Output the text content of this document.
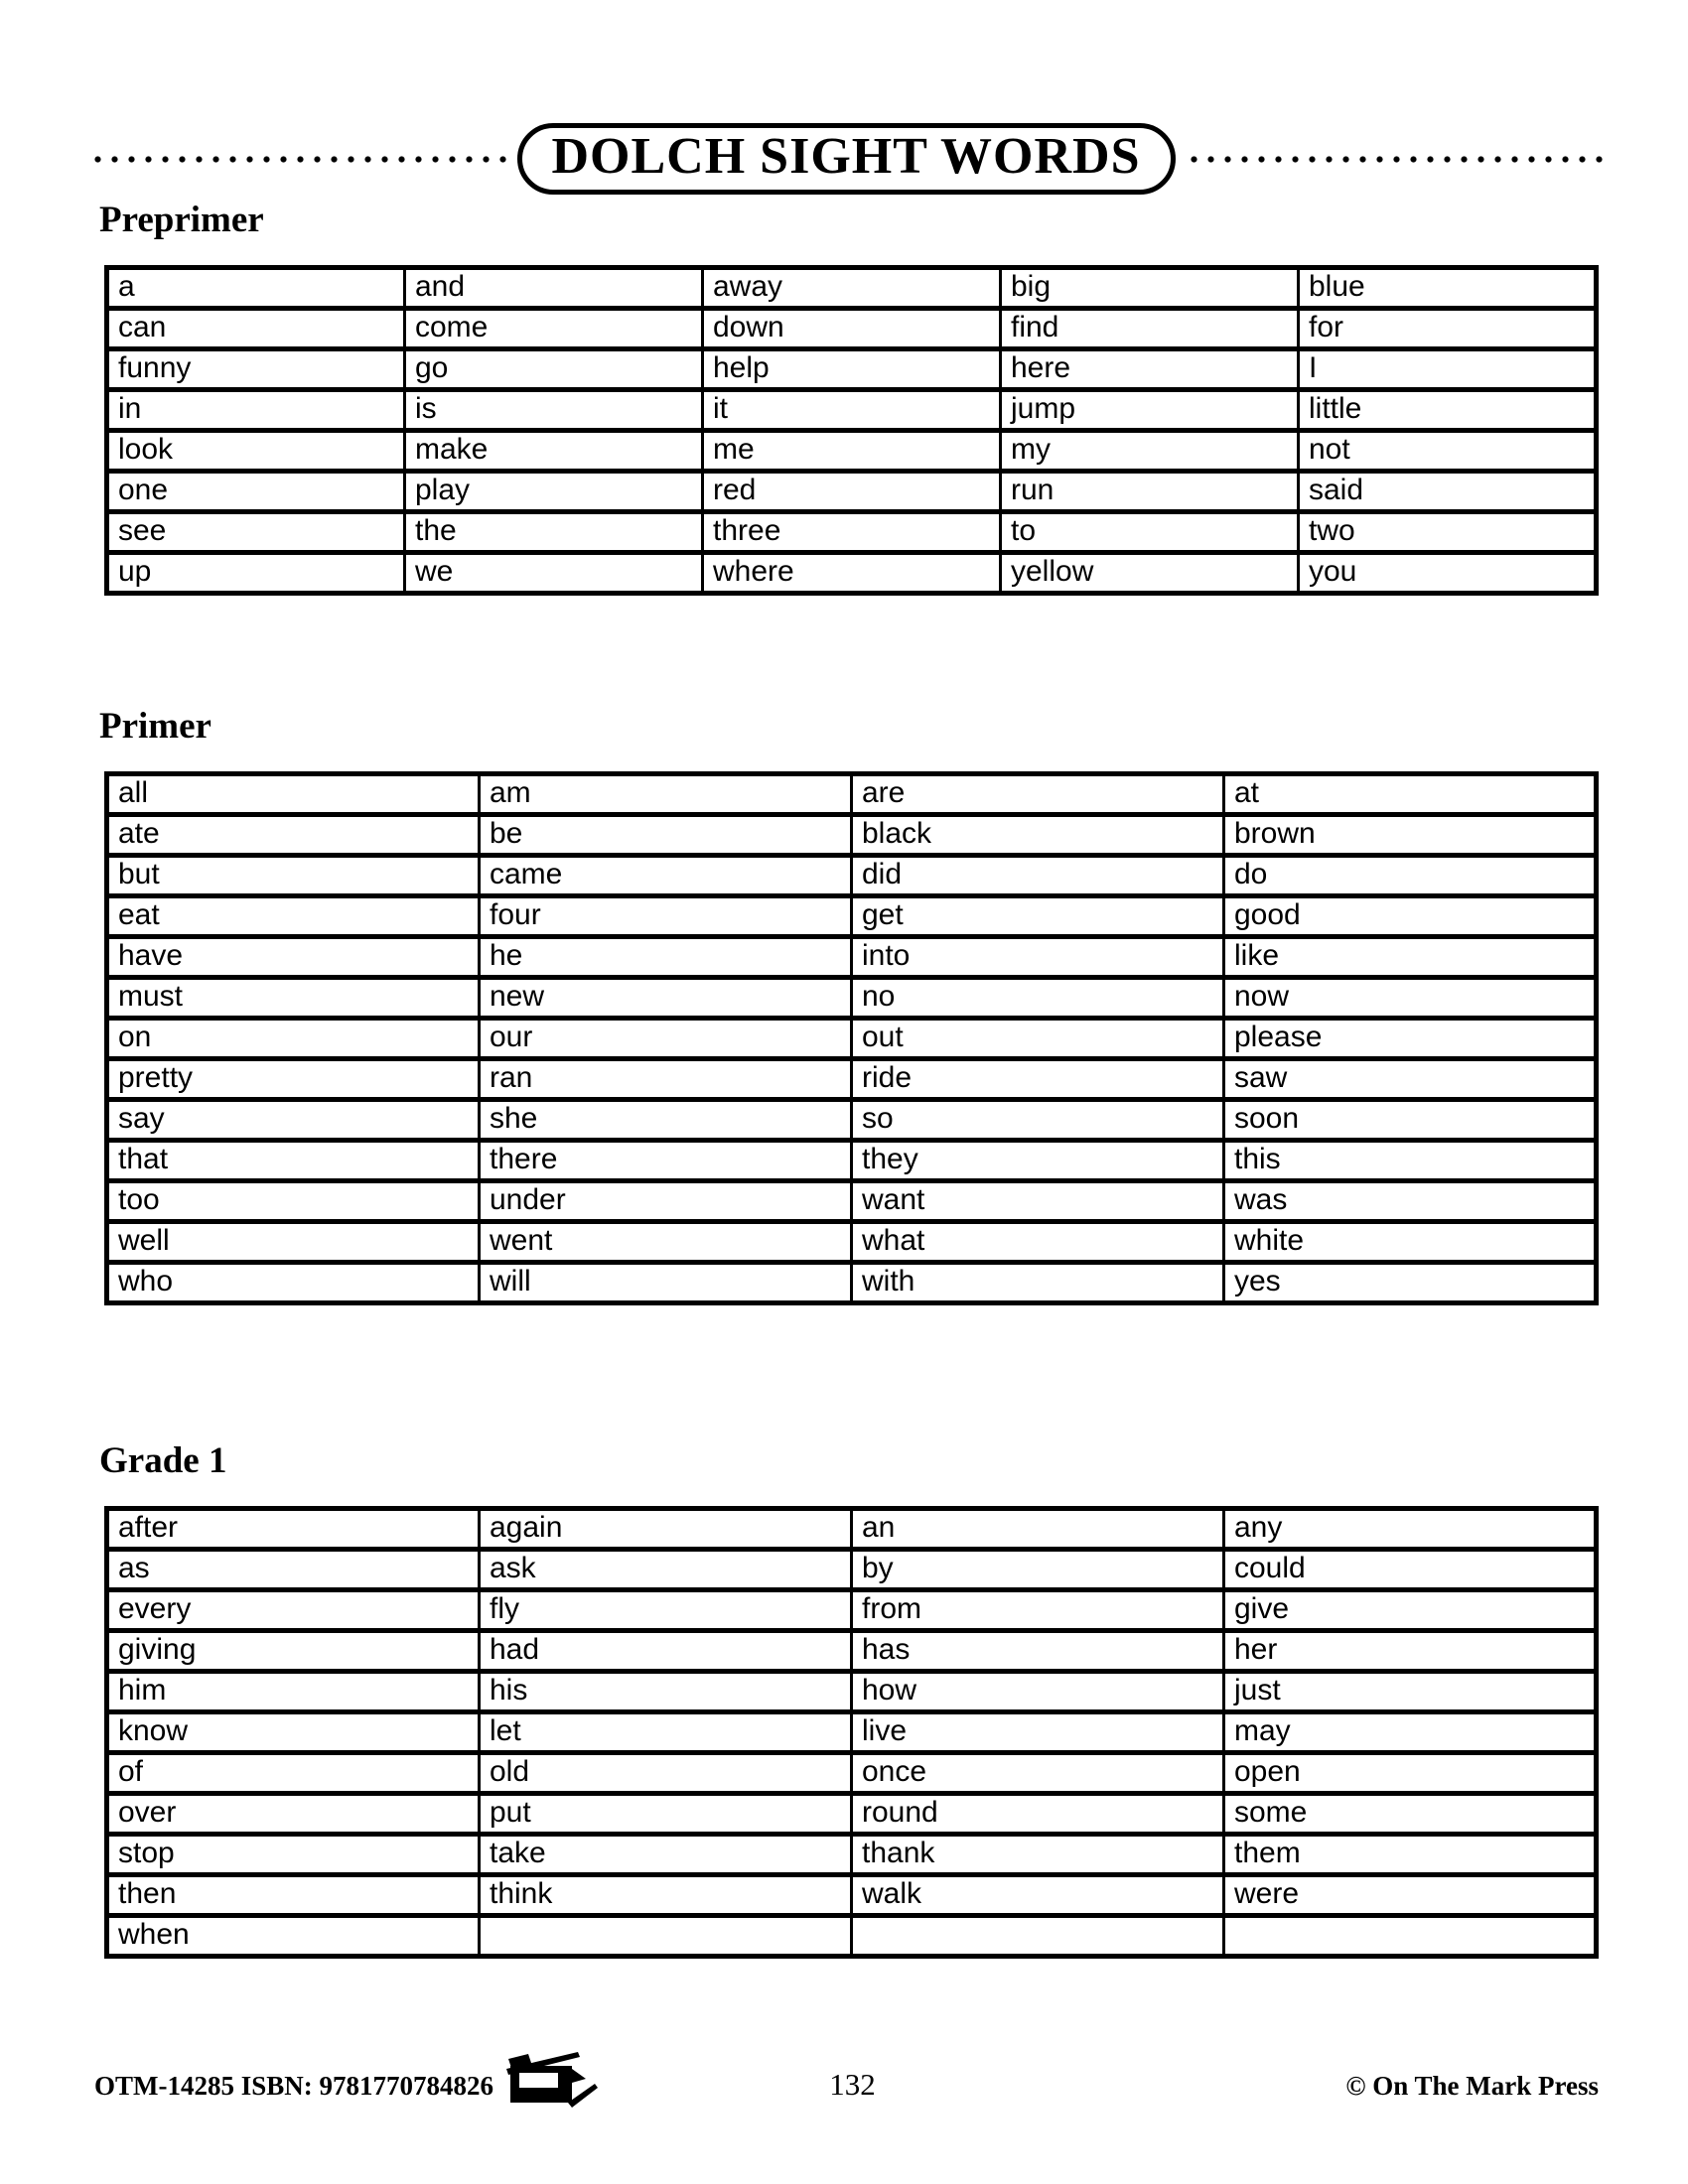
DOLCH SIGHT WORDS
Preprimer
a	and	away	big	blue
can	come	down	find	for
funny	go	help	here	I
in	is	it	jump	little
look	make	me	my	not
one	play	red	run	said
see	the	three	to	two
up	we	where	yellow	you
Primer
all	am	are	at
ate	be	black	brown
but	came	did	do
eat	four	get	good
have	he	into	like
must	new	no	now
on	our	out	please
pretty	ran	ride	saw
say	she	so	soon
that	there	they	this
too	under	want	was
well	went	what	white
who	will	with	yes
Grade 1
after	again	an	any
as	ask	by	could
every	fly	from	give
giving	had	has	her
him	his	how	just
know	let	live	may
of	old	once	open
over	put	round	some
stop	take	thank	them
then	think	walk	were
when			
OTM-14285 ISBN: 9781770784826	132	© On The Mark Press
